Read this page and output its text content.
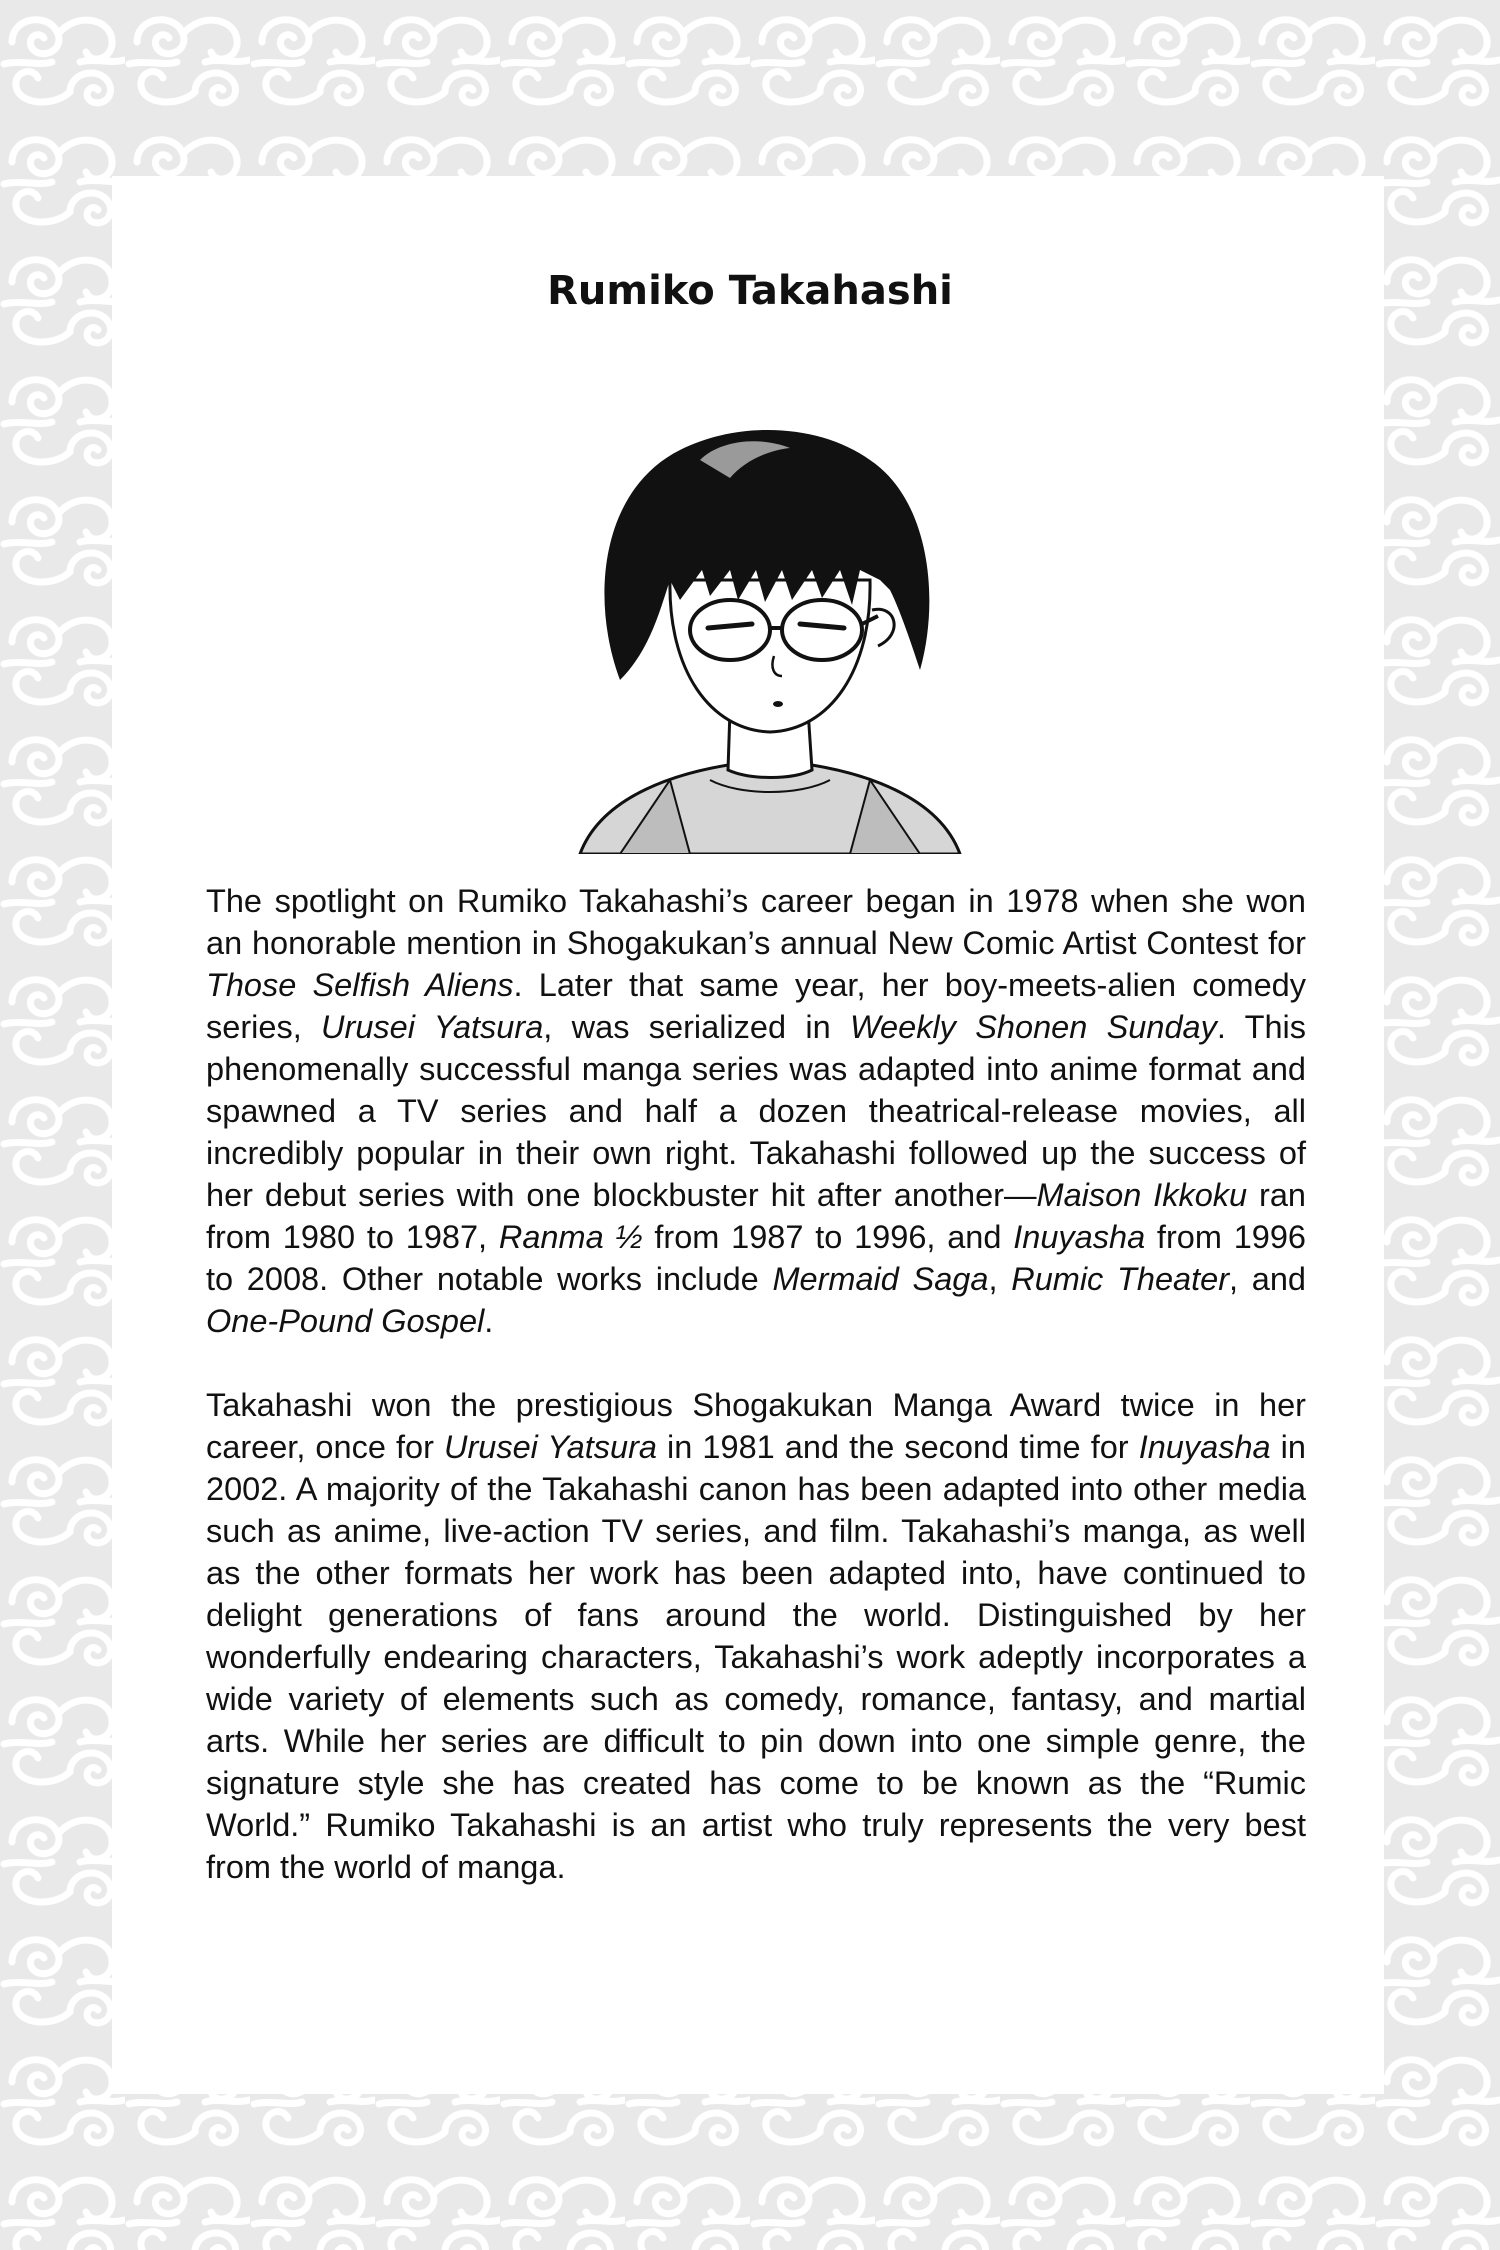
Rumiko Takahashi

The spotlight on Rumiko Takahashi’s career began in 1978 when she won an honorable mention in Shogakukan’s annual New Comic Artist Contest for Those Selfish Aliens. Later that same year, her boy-meets-alien comedy series, Urusei Yatsura, was serialized in Weekly Shonen Sunday. This phenomenally successful manga series was adapted into anime format and spawned a TV series and half a dozen theatrical-release movies, all incredibly popular in their own right. Takahashi followed up the success of her debut series with one blockbuster hit after another—Maison Ikkoku ran from 1980 to 1987, Ranma ½ from 1987 to 1996, and Inuyasha from 1996 to 2008. Other notable works include Mermaid Saga, Rumic Theater, and One-Pound Gospel.

Takahashi won the prestigious Shogakukan Manga Award twice in her career, once for Urusei Yatsura in 1981 and the second time for Inuyasha in 2002. A majority of the Takahashi canon has been adapted into other media such as anime, live-action TV series, and film. Takahashi’s manga, as well as the other formats her work has been adapted into, have continued to delight generations of fans around the world. Distinguished by her wonderfully endearing characters, Takahashi’s work adeptly incorporates a wide variety of elements such as comedy, romance, fantasy, and martial arts. While her series are difficult to pin down into one simple genre, the signature style she has created has come to be known as the “Rumic World.” Rumiko Takahashi is an artist who truly represents the very best from the world of manga.
